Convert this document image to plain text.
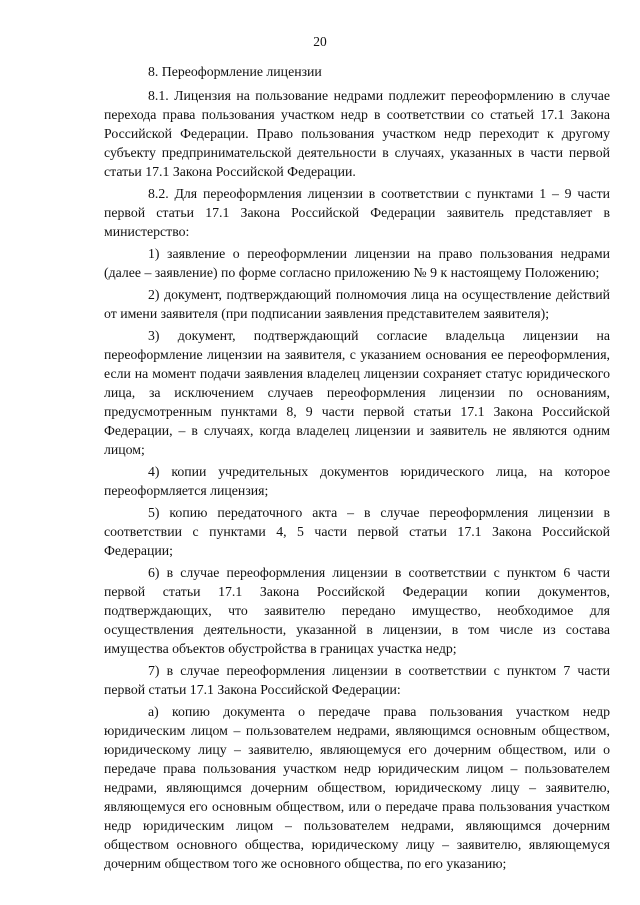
20
8. Переоформление лицензии
8.1. Лицензия на пользование недрами подлежит переоформлению в случае перехода права пользования участком недр в соответствии со статьей 17.1 Закона Российской Федерации. Право пользования участком недр переходит к другому субъекту предпринимательской деятельности в случаях, указанных в части первой статьи 17.1 Закона Российской Федерации.
8.2. Для переоформления лицензии в соответствии с пунктами 1 – 9 части первой статьи 17.1 Закона Российской Федерации заявитель представляет в министерство:
1) заявление о переоформлении лицензии на право пользования недрами (далее – заявление) по форме согласно приложению № 9 к настоящему Положению;
2) документ, подтверждающий полномочия лица на осуществление действий от имени заявителя (при подписании заявления представителем заявителя);
3) документ, подтверждающий согласие владельца лицензии на переоформление лицензии на заявителя, с указанием основания ее переоформления, если на момент подачи заявления владелец лицензии сохраняет статус юридического лица, за исключением случаев переоформления лицензии по основаниям, предусмотренным пунктами 8, 9 части первой статьи 17.1 Закона Российской Федерации, – в случаях, когда владелец лицензии и заявитель не являются одним лицом;
4) копии учредительных документов юридического лица, на которое переоформляется лицензия;
5) копию передаточного акта – в случае переоформления лицензии в соответствии с пунктами 4, 5 части первой статьи 17.1 Закона Российской Федерации;
6) в случае переоформления лицензии в соответствии с пунктом 6 части первой статьи 17.1 Закона Российской Федерации копии документов, подтверждающих, что заявителю передано имущество, необходимое для осуществления деятельности, указанной в лицензии, в том числе из состава имущества объектов обустройства в границах участка недр;
7) в случае переоформления лицензии в соответствии с пунктом 7 части первой статьи 17.1 Закона Российской Федерации:
а) копию документа о передаче права пользования участком недр юридическим лицом – пользователем недрами, являющимся основным обществом, юридическому лицу – заявителю, являющемуся его дочерним обществом, или о передаче права пользования участком недр юридическим лицом – пользователем недрами, являющимся дочерним обществом, юридическому лицу – заявителю, являющемуся его основным обществом, или о передаче права пользования участком недр юридическим лицом – пользователем недрами, являющимся дочерним обществом основного общества, юридическому лицу – заявителю, являющемуся дочерним обществом того же основного общества, по его указанию;
